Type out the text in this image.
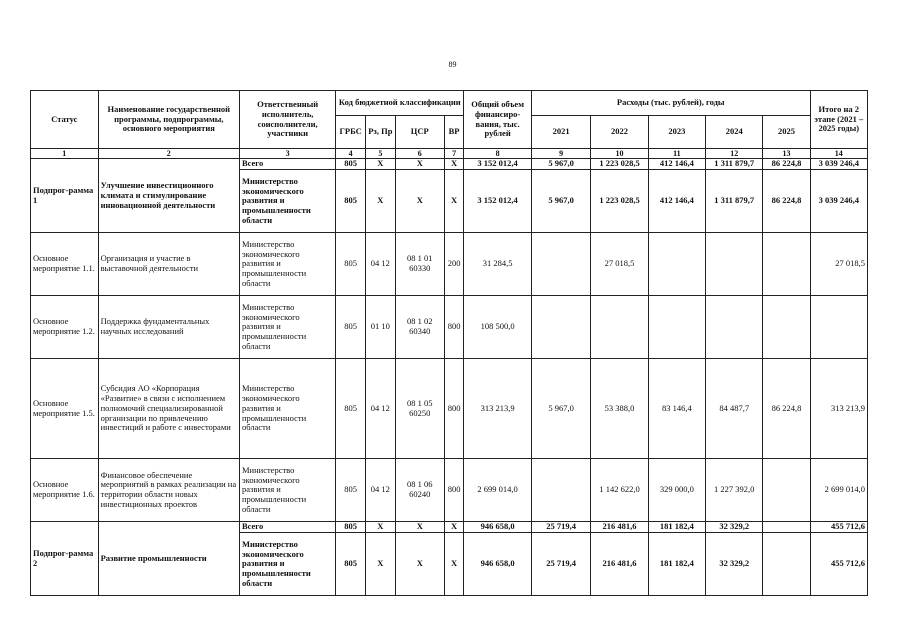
89
Статус	Наименование государственной программы, подпрограммы, основного мероприятия	Ответственный исполнитель, соисполнители, участники	Код бюджетной классификации				Общий объем финансиро-вания, тыс. рублей	Расходы (тыс. рублей), годы					Итого на 2 этапе (2021 – 2025 годы)
			ГРБС	Рз, Пр	ЦСР	ВР		2021	2022	2023	2024	2025	
1	2	3	4	5	6	7	8	9	10	11	12	13	14
Подпрог-рамма 1	Улучшение инвестиционного климата и стимулирование инновационной деятельности	Всего	805	Х	Х	Х	3 152 012,4	5 967,0	1 223 028,5	412 146,4	1 311 879,7	86 224,8	3 039 246,4
		Министерство экономического развития и промышленности области	805	Х	Х	Х	3 152 012,4	5 967,0	1 223 028,5	412 146,4	1 311 879,7	86 224,8	3 039 246,4
Основное мероприятие 1.1.	Организация и участие в выставочной деятельности	Министерство экономического развития и промышленности области	805	04 12	08 1 01 60330	200	31 284,5		27 018,5				27 018,5
Основное мероприятие 1.2.	Поддержка фундаментальных научных исследований	Министерство экономического развития и промышленности области	805	01 10	08 1 02 60340	800	108 500,0						
Основное мероприятие 1.5.	Субсидия АО «Корпорация «Развитие» в связи с исполнением полномочий специализированной организации по привлечению инвестиций и работе с инвесторами	Министерство экономического развития и промышленности области	805	04 12	08 1 05 60250	800	313 213,9	5 967,0	53 388,0	83 146,4	84 487,7	86 224,8	313 213,9
Основное мероприятие 1.6.	Финансовое обеспечение мероприятий в рамках реализации на территории области новых инвестиционных проектов	Министерство экономического развития и промышленности области	805	04 12	08 1 06 60240	800	2 699 014,0		1 142 622,0	329 000,0	1 227 392,0		2 699 014,0
Подпрог-рамма 2	Развитие промышленности	Всего	805	Х	Х	Х	946 658,0	25 719,4	216 481,6	181 182,4	32 329,2		455 712,6
		Министерство экономического развития и промышленности области	805	Х	Х	Х	946 658,0	25 719,4	216 481,6	181 182,4	32 329,2		455 712,6
